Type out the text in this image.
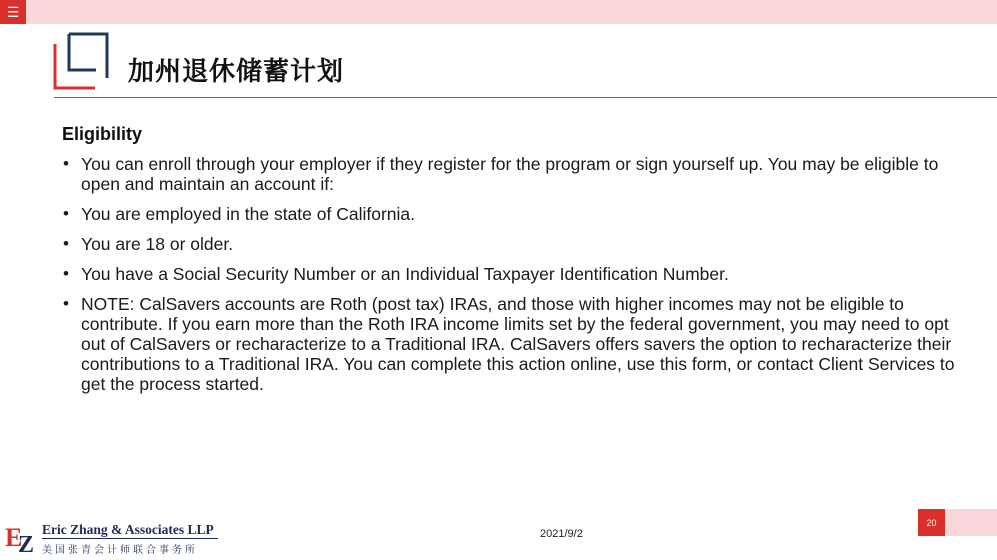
☰
加州退休储蓄计划
Eligibility
• You can enroll through your employer if they register for the program or sign yourself up. You may be eligible to open and maintain an account if:
• You are employed in the state of California.
• You are 18 or older.
• You have a Social Security Number or an Individual Taxpayer Identification Number.
• NOTE: CalSavers accounts are Roth (post tax) IRAs, and those with higher incomes may not be eligible to contribute. If you earn more than the Roth IRA income limits set by the federal government, you may need to opt out of CalSavers or recharacterize to a Traditional IRA. CalSavers offers savers the option to recharacterize their contributions to a Traditional IRA. You can complete this action online, use this form, or contact Client Services to get the process started.
E
Z
Eric Zhang & Associates LLP
美国张青会计师联合事务所
2021/9/2
20
